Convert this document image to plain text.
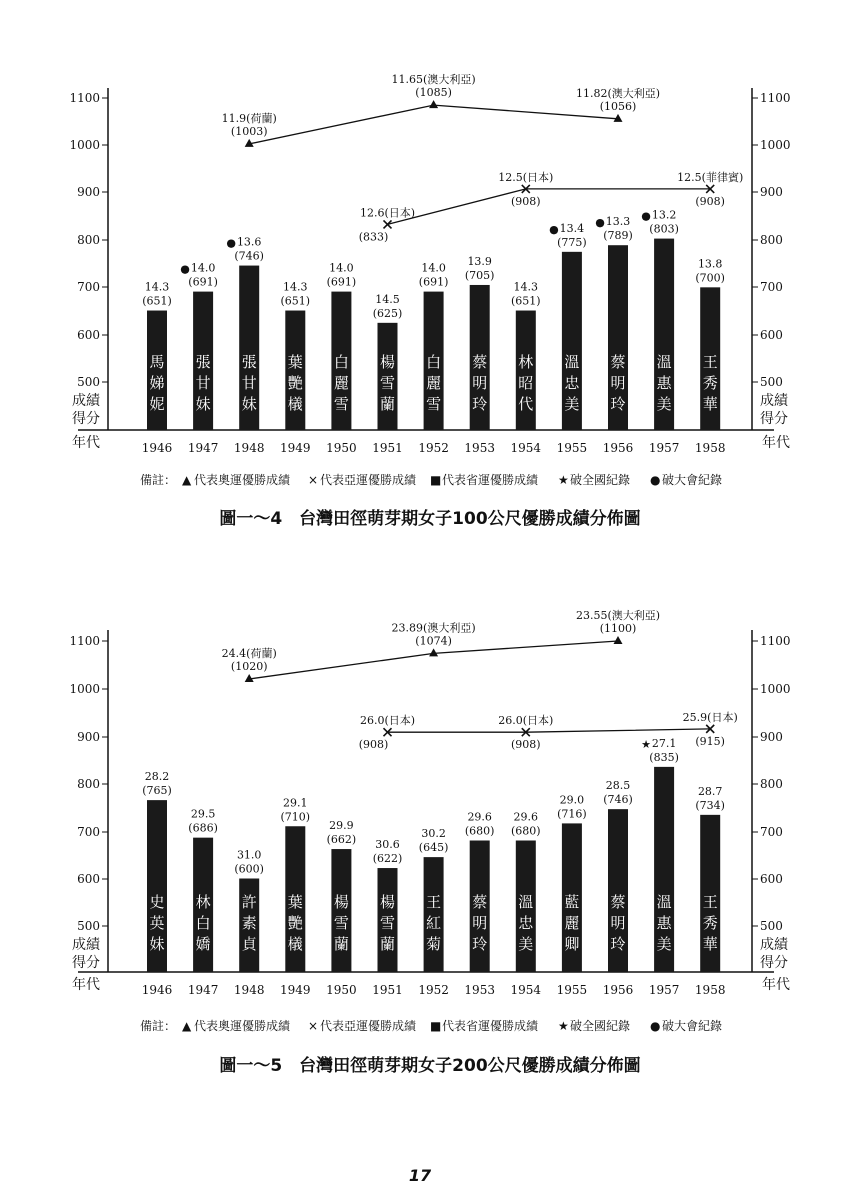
500	500
600	600
700	700
800	800
900	900
1000	1000
1100	1100
成績
得分
成績
得分
年代	年代
1946
14.3
(651)
馬娣妮
1947
14.0
(691)
●
張甘妹
1948
13.6
(746)
●
張甘妹
1949
14.3
(651)
葉艷檥
1950
14.0
(691)
白麗雪
1951
14.5
(625)
楊雪蘭
1952
14.0
(691)
白麗雪
1953
13.9
(705)
蔡明玲
1954
14.3
(651)
林昭代
1955
13.4
(775)
●
溫忠美
1956
13.3
(789)
●
蔡明玲
1957
13.2
(803)
●
溫惠美
1958
13.8
(700)
王秀華
11.9(荷蘭)
(1003)
11.65(澳大利亞)
(1085)	11.82(澳大利亞)
(1056)
12.6(日本)
(833)
12.5(日本)
(908)
12.5(菲律賓)
(908)
備註： ▲ 代表奧運優勝成績 × 代表亞運優勝成績 ■ 代表省運優勝成績 ★ 破全國紀錄 ● 破大會紀錄
圖一～4　台灣田徑萌芽期女子100公尺優勝成績分佈圖
500	500
600	600
700	700
800	800
900	900
1000	1000
1100	1100
成績
得分
成績
得分
年代	年代
1946
28.2
(765)
史英妹
1947
29.5
(686)
林白嬌
1948
31.0
(600)
許素貞
1949
29.1
(710)
葉艷檥
1950
29.9
(662)
楊雪蘭
1951
30.6
(622)
楊雪蘭
1952
30.2
(645)
王紅菊
1953
29.6
(680)
蔡明玲
1954
29.6
(680)
溫忠美
1955
29.0
(716)
藍麗卿
1956
28.5
(746)
蔡明玲
1957
27.1
(835)
★
溫惠美
1958
28.7
(734)
王秀華
24.4(荷蘭)
(1020)
23.89(澳大利亞)
(1074)
23.55(澳大利亞)
(1100)
26.0(日本)
(908)
26.0(日本)
(908)
25.9(日本)
(915)
備註： ▲ 代表奧運優勝成績 × 代表亞運優勝成績 ■ 代表省運優勝成績 ★ 破全國紀錄 ● 破大會紀錄
圖一～5　台灣田徑萌芽期女子200公尺優勝成績分佈圖
17
